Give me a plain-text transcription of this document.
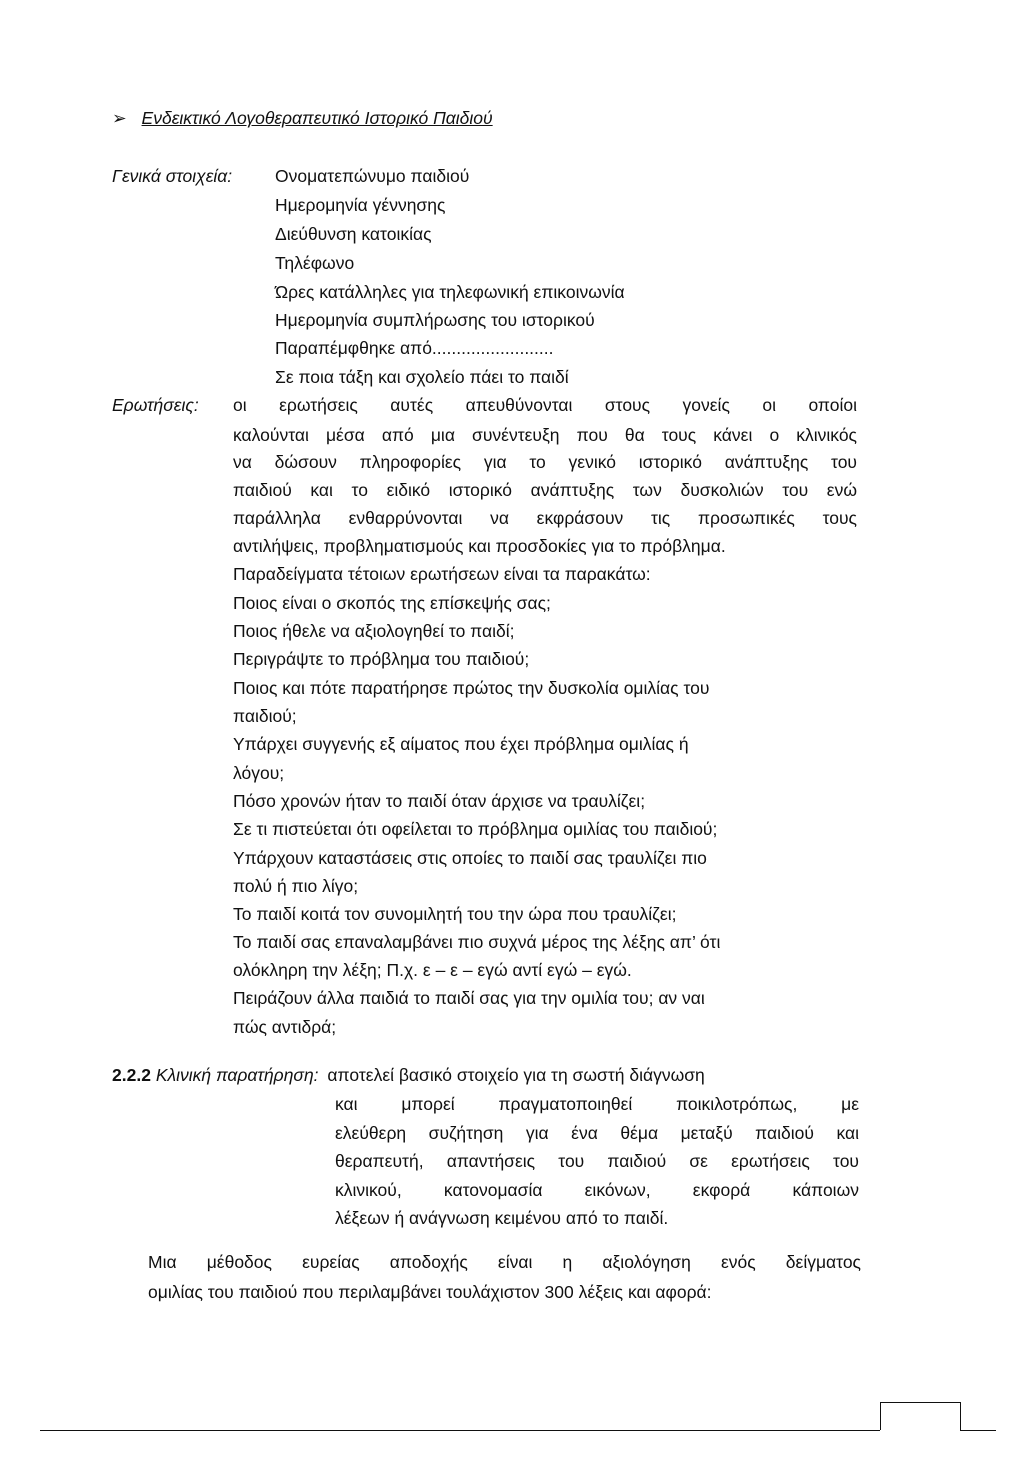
➢ Ενδεικτικό Λογοθεραπευτικό Ιστορικό Παιδιού
Γενικά στοιχεία: Ονοματεπώνυμο παιδιού
Ημερομηνία γέννησης
Διεύθυνση κατοικίας
Τηλέφωνο
Ώρες κατάλληλες για τηλεφωνική επικοινωνία
Ημερομηνία συμπλήρωσης του ιστορικού
Παραπέμφθηκε από.........................
Σε ποια τάξη και σχολείο πάει το παιδί
Ερωτήσεις: οι ερωτήσεις αυτές απευθύνονται στους γονείς οι οποίοι
καλούνται μέσα από μια συνέντευξη που θα τους κάνει ο κλινικός
να δώσουν πληροφορίες για το γενικό ιστορικό ανάπτυξης του
παιδιού και το ειδικό ιστορικό ανάπτυξης των δυσκολιών του ενώ
παράλληλα ενθαρρύνονται να εκφράσουν τις προσωπικές τους
αντιλήψεις, προβληματισμούς και προσδοκίες για το πρόβλημα.
Παραδείγματα τέτοιων ερωτήσεων είναι τα παρακάτω:
Ποιος είναι ο σκοπός της επίσκεψής σας;
Ποιος ήθελε να αξιολογηθεί το παιδί;
Περιγράψτε το πρόβλημα του παιδιού;
Ποιος και πότε παρατήρησε πρώτος την δυσκολία ομιλίας του
παιδιού;
Υπάρχει συγγενής εξ αίματος που έχει πρόβλημα ομιλίας ή
λόγου;
Πόσο χρονών ήταν το παιδί όταν άρχισε να τραυλίζει;
Σε τι πιστεύεται ότι οφείλεται το πρόβλημα ομιλίας του παιδιού;
Υπάρχουν καταστάσεις στις οποίες το παιδί σας τραυλίζει πιο
πολύ ή πιο λίγο;
Το παιδί κοιτά τον συνομιλητή του την ώρα που τραυλίζει;
Το παιδί σας επαναλαμβάνει πιο συχνά μέρος της λέξης απ’ ότι
ολόκληρη την λέξη; Π.χ. ε – ε – εγώ αντί εγώ – εγώ.
Πειράζουν άλλα παιδιά το παιδί σας για την ομιλία του; αν ναι
πώς αντιδρά;
2.2.2 Κλινική παρατήρηση: αποτελεί βασικό στοιχείο για τη σωστή διάγνωση
και μπορεί πραγματοποιηθεί ποικιλοτρόπως, με
ελεύθερη συζήτηση για ένα θέμα μεταξύ παιδιού και
θεραπευτή, απαντήσεις του παιδιού σε ερωτήσεις του
κλινικού, κατονομασία εικόνων, εκφορά κάποιων
λέξεων ή ανάγνωση κειμένου από το παιδί.
Μια μέθοδος ευρείας αποδοχής είναι η αξιολόγηση ενός δείγματος
ομιλίας του παιδιού που περιλαμβάνει τουλάχιστον 300 λέξεις και αφορά:
